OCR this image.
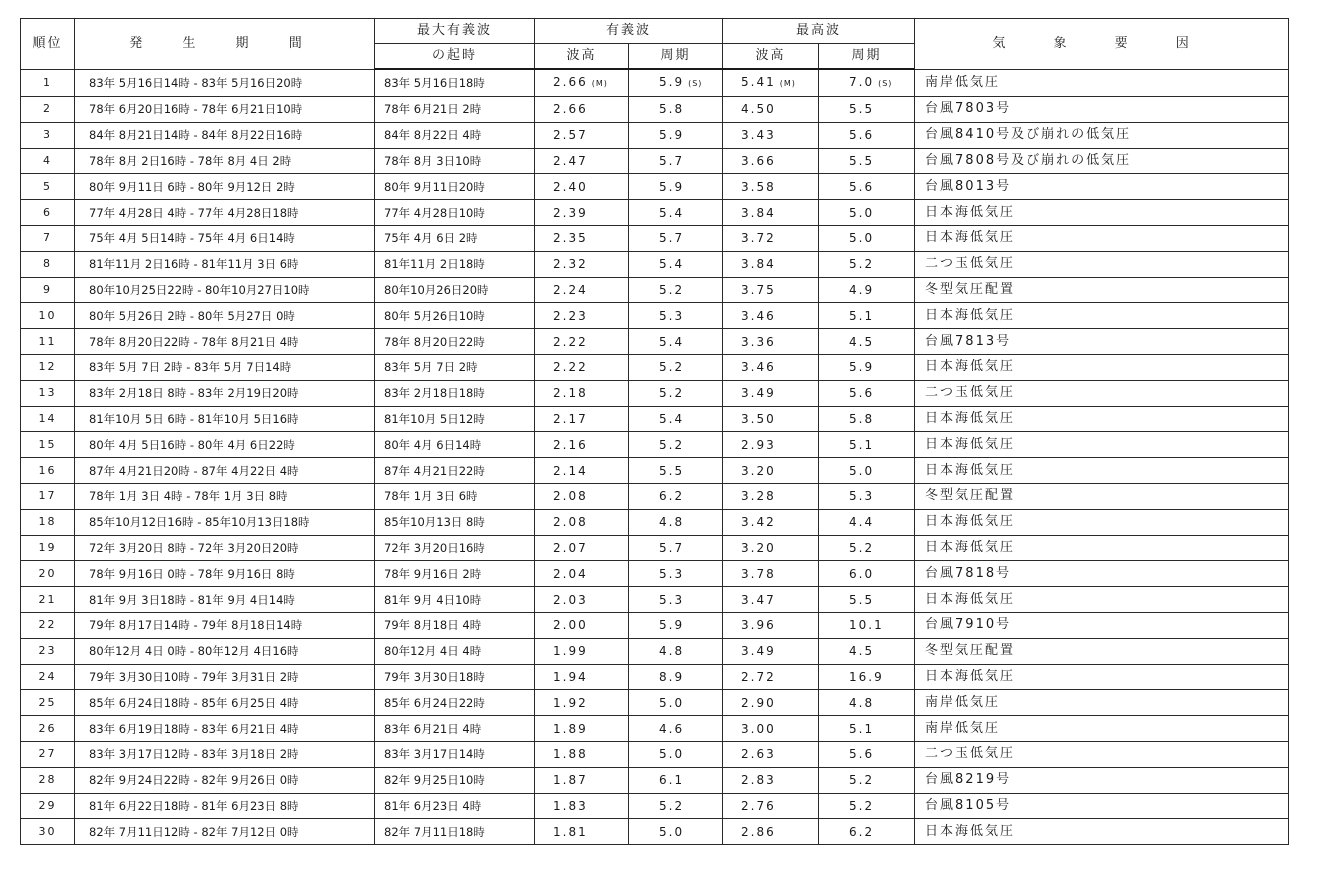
順位	発 生 期 間	最大有義波	有義波		最高波		気 象 要 因
		の起時	波高	周期	波高	周期	
1	83年 5月16日14時 - 83年 5月16日20時	83年 5月16日18時	2.66 (M)	5.9 (S)	5.41 (M)	7.0 (S)	南岸低気圧
2	78年 6月20日16時 - 78年 6月21日10時	78年 6月21日 2時	2.66	5.8	4.50	5.5	台風7803号
3	84年 8月21日14時 - 84年 8月22日16時	84年 8月22日 4時	2.57	5.9	3.43	5.6	台風8410号及び崩れの低気圧
4	78年 8月 2日16時 - 78年 8月 4日 2時	78年 8月 3日10時	2.47	5.7	3.66	5.5	台風7808号及び崩れの低気圧
5	80年 9月11日 6時 - 80年 9月12日 2時	80年 9月11日20時	2.40	5.9	3.58	5.6	台風8013号
6	77年 4月28日 4時 - 77年 4月28日18時	77年 4月28日10時	2.39	5.4	3.84	5.0	日本海低気圧
7	75年 4月 5日14時 - 75年 4月 6日14時	75年 4月 6日 2時	2.35	5.7	3.72	5.0	日本海低気圧
8	81年11月 2日16時 - 81年11月 3日 6時	81年11月 2日18時	2.32	5.4	3.84	5.2	二つ玉低気圧
9	80年10月25日22時 - 80年10月27日10時	80年10月26日20時	2.24	5.2	3.75	4.9	冬型気圧配置
10	80年 5月26日 2時 - 80年 5月27日 0時	80年 5月26日10時	2.23	5.3	3.46	5.1	日本海低気圧
11	78年 8月20日22時 - 78年 8月21日 4時	78年 8月20日22時	2.22	5.4	3.36	4.5	台風7813号
12	83年 5月 7日 2時 - 83年 5月 7日14時	83年 5月 7日 2時	2.22	5.2	3.46	5.9	日本海低気圧
13	83年 2月18日 8時 - 83年 2月19日20時	83年 2月18日18時	2.18	5.2	3.49	5.6	二つ玉低気圧
14	81年10月 5日 6時 - 81年10月 5日16時	81年10月 5日12時	2.17	5.4	3.50	5.8	日本海低気圧
15	80年 4月 5日16時 - 80年 4月 6日22時	80年 4月 6日14時	2.16	5.2	2.93	5.1	日本海低気圧
16	87年 4月21日20時 - 87年 4月22日 4時	87年 4月21日22時	2.14	5.5	3.20	5.0	日本海低気圧
17	78年 1月 3日 4時 - 78年 1月 3日 8時	78年 1月 3日 6時	2.08	6.2	3.28	5.3	冬型気圧配置
18	85年10月12日16時 - 85年10月13日18時	85年10月13日 8時	2.08	4.8	3.42	4.4	日本海低気圧
19	72年 3月20日 8時 - 72年 3月20日20時	72年 3月20日16時	2.07	5.7	3.20	5.2	日本海低気圧
20	78年 9月16日 0時 - 78年 9月16日 8時	78年 9月16日 2時	2.04	5.3	3.78	6.0	台風7818号
21	81年 9月 3日18時 - 81年 9月 4日14時	81年 9月 4日10時	2.03	5.3	3.47	5.5	日本海低気圧
22	79年 8月17日14時 - 79年 8月18日14時	79年 8月18日 4時	2.00	5.9	3.96	10.1	台風7910号
23	80年12月 4日 0時 - 80年12月 4日16時	80年12月 4日 4時	1.99	4.8	3.49	4.5	冬型気圧配置
24	79年 3月30日10時 - 79年 3月31日 2時	79年 3月30日18時	1.94	8.9	2.72	16.9	日本海低気圧
25	85年 6月24日18時 - 85年 6月25日 4時	85年 6月24日22時	1.92	5.0	2.90	4.8	南岸低気圧
26	83年 6月19日18時 - 83年 6月21日 4時	83年 6月21日 4時	1.89	4.6	3.00	5.1	南岸低気圧
27	83年 3月17日12時 - 83年 3月18日 2時	83年 3月17日14時	1.88	5.0	2.63	5.6	二つ玉低気圧
28	82年 9月24日22時 - 82年 9月26日 0時	82年 9月25日10時	1.87	6.1	2.83	5.2	台風8219号
29	81年 6月22日18時 - 81年 6月23日 8時	81年 6月23日 4時	1.83	5.2	2.76	5.2	台風8105号
30	82年 7月11日12時 - 82年 7月12日 0時	82年 7月11日18時	1.81	5.0	2.86	6.2	日本海低気圧
